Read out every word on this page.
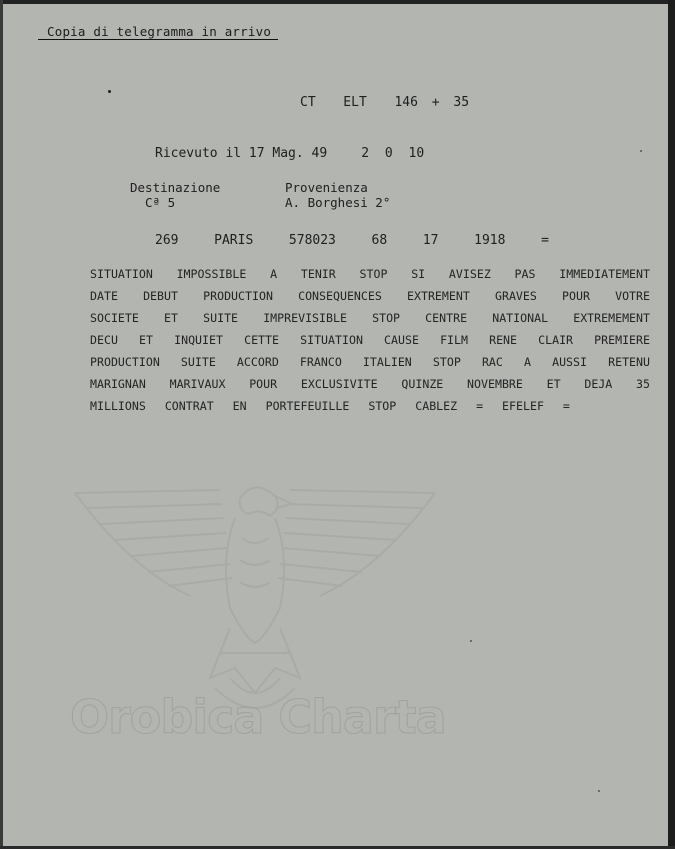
Copia di telegramma in arrivo
CT  ELT  146 + 35
Ricevuto il 17 Mag. 49	2 0 10
Destinazione
Cª 5
Provenienza
A. Borghesi 2°
269  PARIS  578023  68  17  1918  =
SITUATION IMPOSSIBLE A TENIR STOP SI AVISEZ PAS IMMEDIATEMENT
DATE DEBUT PRODUCTION CONSEQUENCES EXTREMENT GRAVES POUR VOTRE
SOCIETE ET SUITE IMPREVISIBLE STOP CENTRE NATIONAL EXTREMEMENT
DECU ET INQUIET CETTE SITUATION CAUSE FILM RENE CLAIR PREMIERE
PRODUCTION SUITE ACCORD FRANCO ITALIEN STOP RAC A AUSSI RETENU
MARIGNAN MARIVAUX POUR EXCLUSIVITE QUINZE NOVEMBRE ET DEJA 35
MILLIONS CONTRAT EN PORTEFEUILLE STOP CABLEZ = EFELEF =
Orobica Charta
